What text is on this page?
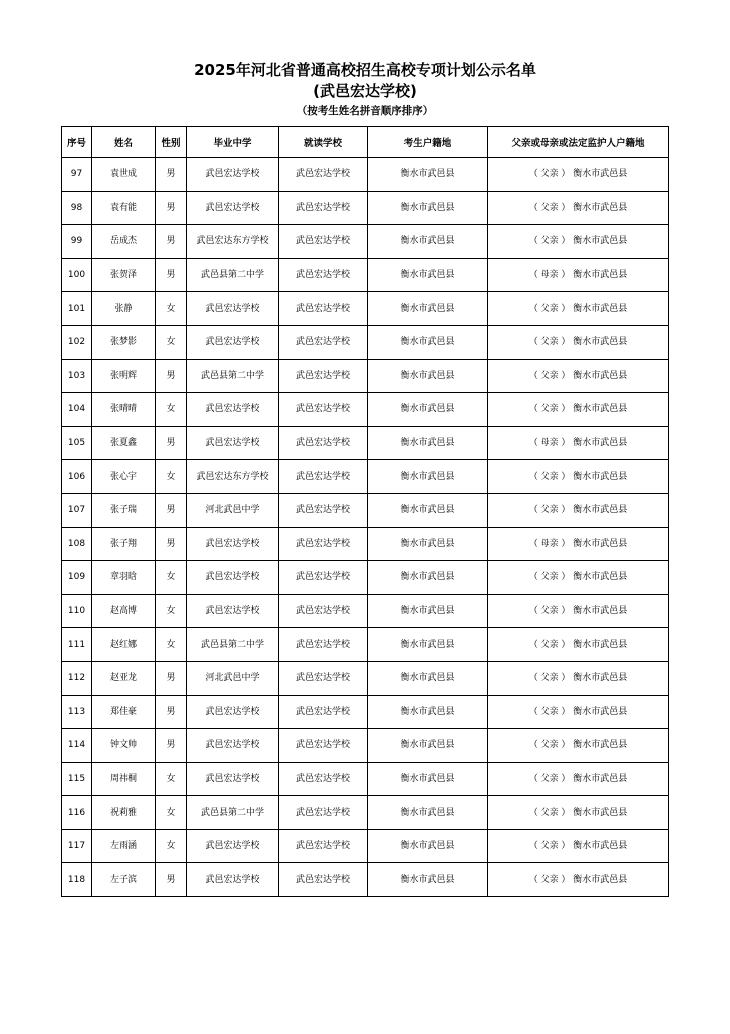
2025年河北省普通高校招生高校专项计划公示名单
(武邑宏达学校)
（按考生姓名拼音顺序排序）
序号	姓名	性别	毕业中学	就读学校	考生户籍地	父亲或母亲或法定监护人户籍地
97	袁世成	男	武邑宏达学校	武邑宏达学校	衡水市武邑县	（ 父亲 ） 衡水市武邑县
98	袁有能	男	武邑宏达学校	武邑宏达学校	衡水市武邑县	（ 父亲 ） 衡水市武邑县
99	岳成杰	男	武邑宏达东方学校	武邑宏达学校	衡水市武邑县	（ 父亲 ） 衡水市武邑县
100	张贺泽	男	武邑县第二中学	武邑宏达学校	衡水市武邑县	（ 母亲 ） 衡水市武邑县
101	张静	女	武邑宏达学校	武邑宏达学校	衡水市武邑县	（ 父亲 ） 衡水市武邑县
102	张梦影	女	武邑宏达学校	武邑宏达学校	衡水市武邑县	（ 父亲 ） 衡水市武邑县
103	张明辉	男	武邑县第二中学	武邑宏达学校	衡水市武邑县	（ 父亲 ） 衡水市武邑县
104	张晴晴	女	武邑宏达学校	武邑宏达学校	衡水市武邑县	（ 父亲 ） 衡水市武邑县
105	张夏鑫	男	武邑宏达学校	武邑宏达学校	衡水市武邑县	（ 母亲 ） 衡水市武邑县
106	张心宇	女	武邑宏达东方学校	武邑宏达学校	衡水市武邑县	（ 父亲 ） 衡水市武邑县
107	张子瑞	男	河北武邑中学	武邑宏达学校	衡水市武邑县	（ 父亲 ） 衡水市武邑县
108	张子翔	男	武邑宏达学校	武邑宏达学校	衡水市武邑县	（ 母亲 ） 衡水市武邑县
109	章羽晗	女	武邑宏达学校	武邑宏达学校	衡水市武邑县	（ 父亲 ） 衡水市武邑县
110	赵高博	女	武邑宏达学校	武邑宏达学校	衡水市武邑县	（ 父亲 ） 衡水市武邑县
111	赵红娜	女	武邑县第二中学	武邑宏达学校	衡水市武邑县	（ 父亲 ） 衡水市武邑县
112	赵亚龙	男	河北武邑中学	武邑宏达学校	衡水市武邑县	（ 父亲 ） 衡水市武邑县
113	郑佳豪	男	武邑宏达学校	武邑宏达学校	衡水市武邑县	（ 父亲 ） 衡水市武邑县
114	钟文帅	男	武邑宏达学校	武邑宏达学校	衡水市武邑县	（ 父亲 ） 衡水市武邑县
115	周祎桐	女	武邑宏达学校	武邑宏达学校	衡水市武邑县	（ 父亲 ） 衡水市武邑县
116	祝莉雅	女	武邑县第二中学	武邑宏达学校	衡水市武邑县	（ 父亲 ） 衡水市武邑县
117	左雨涵	女	武邑宏达学校	武邑宏达学校	衡水市武邑县	（ 父亲 ） 衡水市武邑县
118	左子滨	男	武邑宏达学校	武邑宏达学校	衡水市武邑县	（ 父亲 ） 衡水市武邑县
